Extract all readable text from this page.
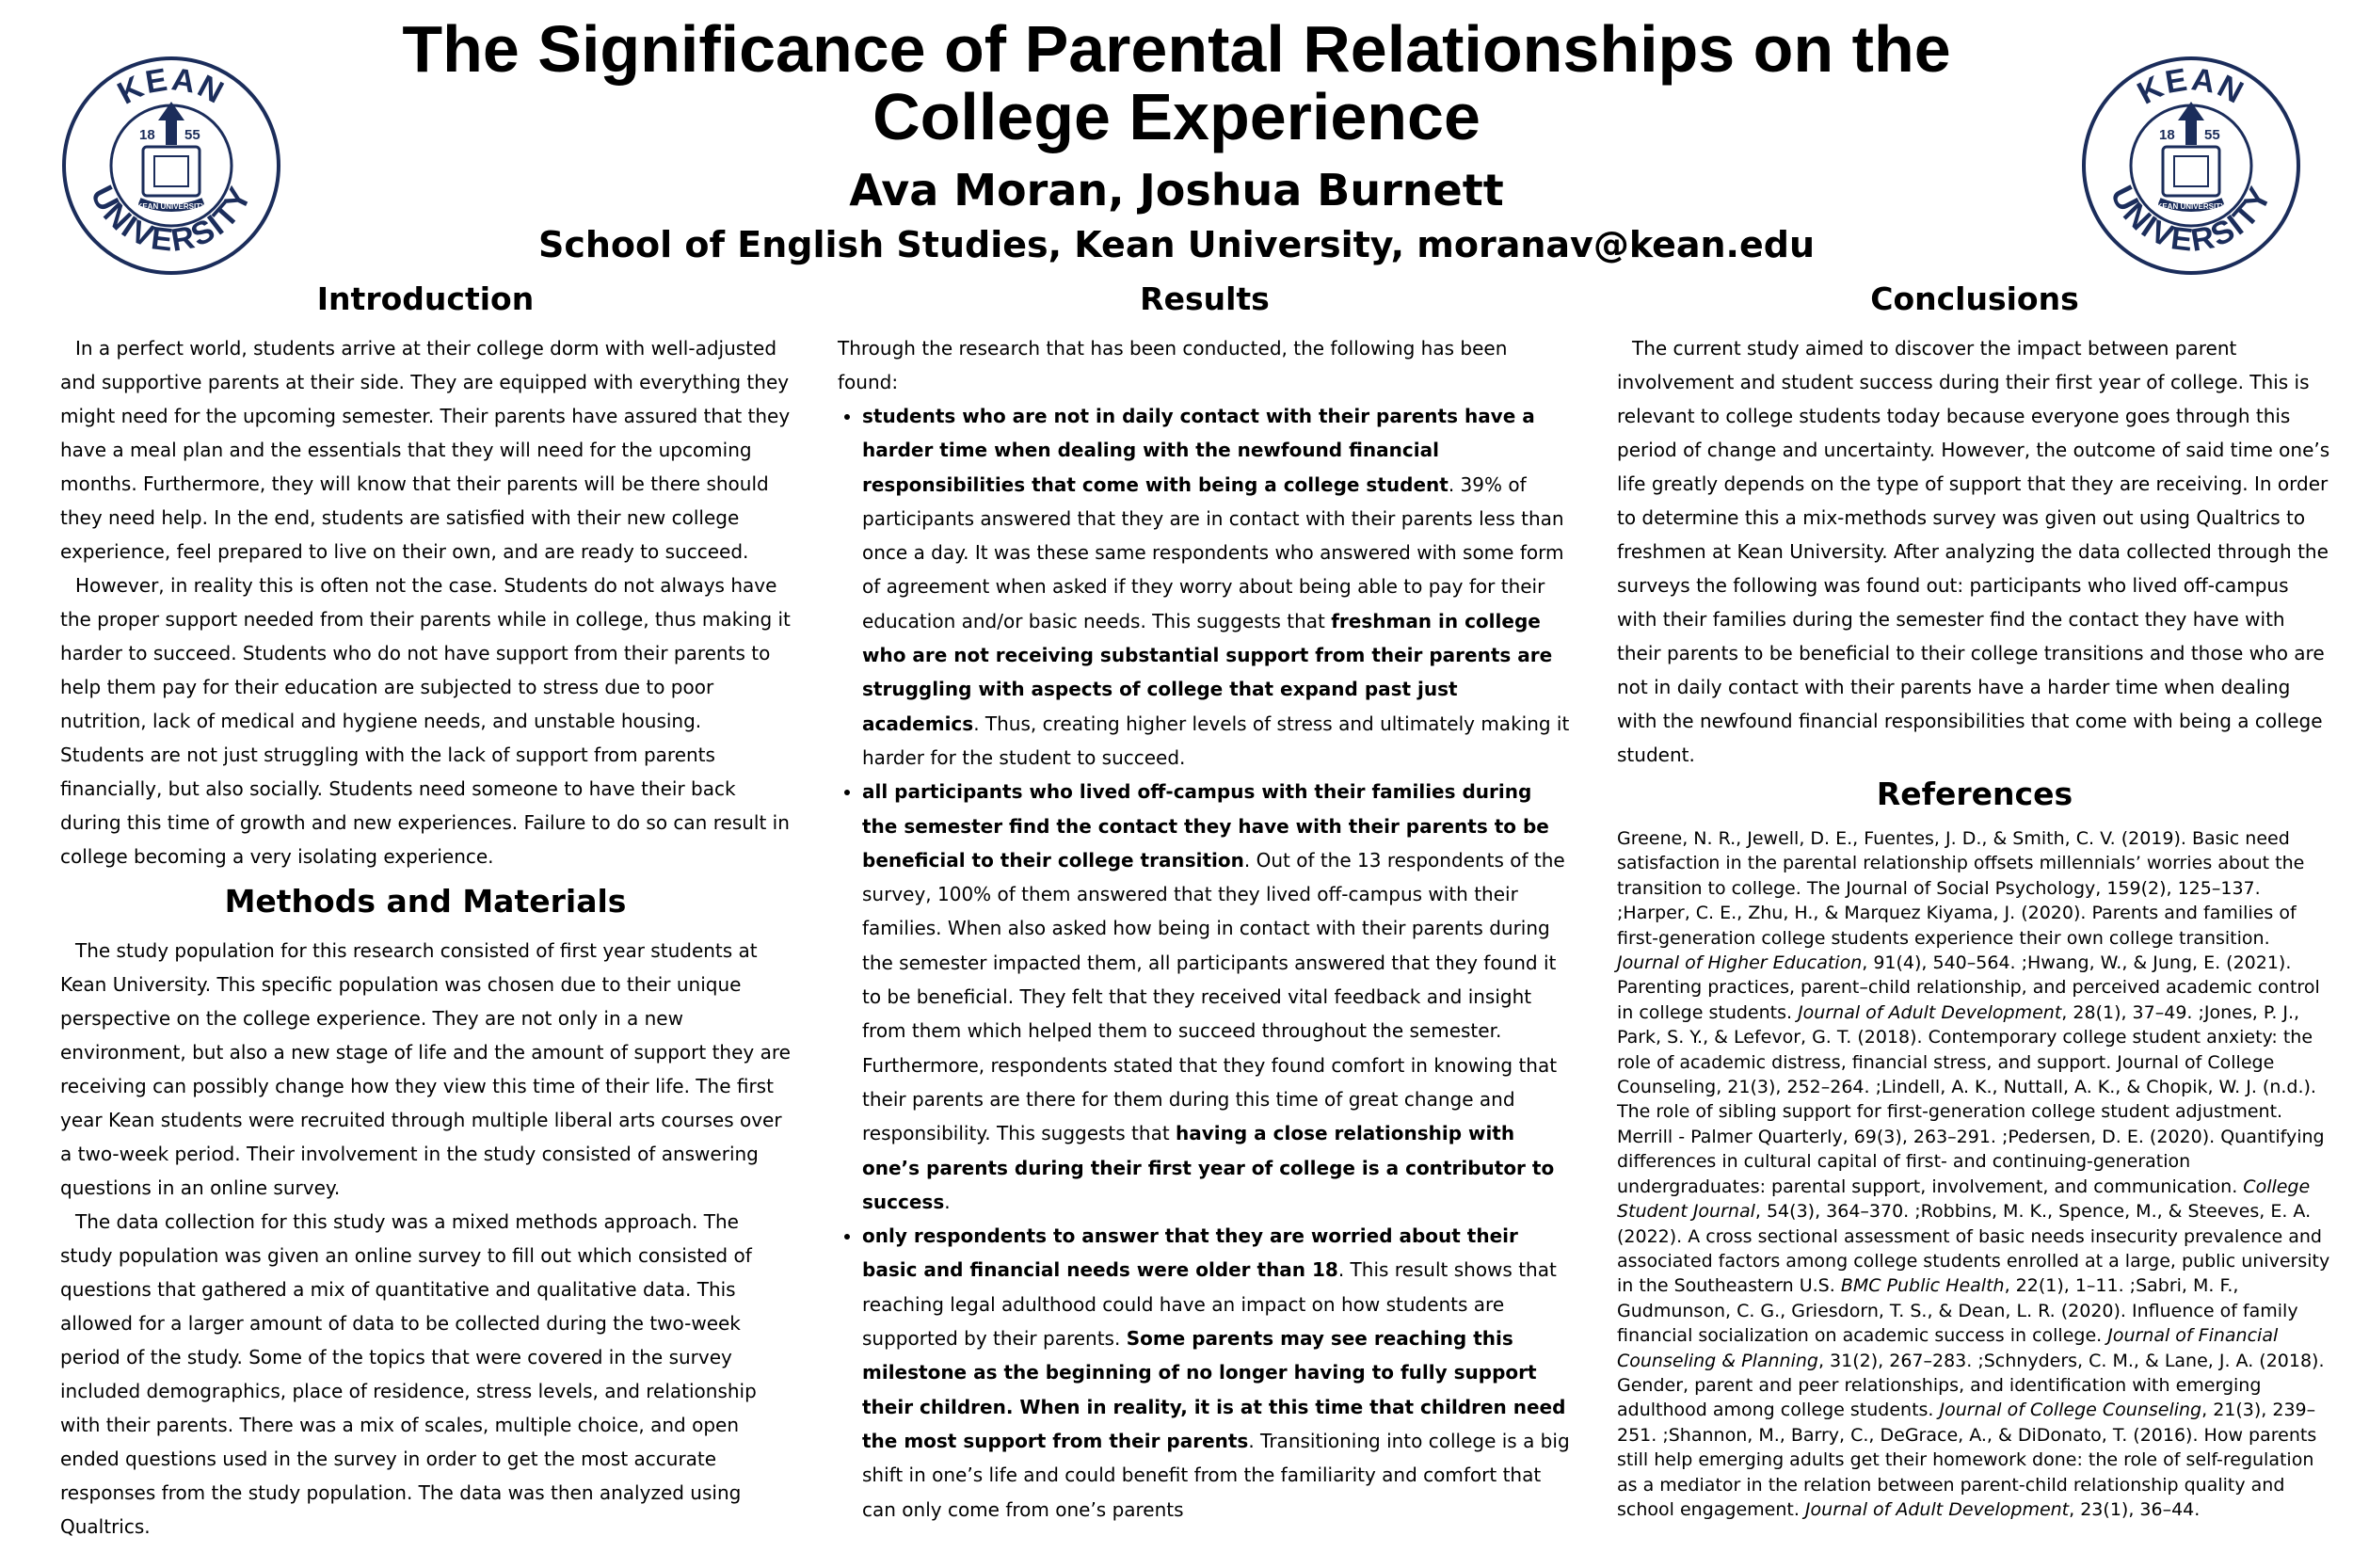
KEAN
UNIVERSITY
18 55
KEAN UNIVERSITY
KEAN
UNIVERSITY
18 55
KEAN UNIVERSITY
The Significance of Parental Relationships on the College Experience
Ava Moran, Joshua Burnett
School of English Studies, Kean University, moranav@kean.edu
Introduction

In a perfect world, students arrive at their college dorm with well-adjusted and supportive parents at their side. They are equipped with everything they might need for the upcoming semester. Their parents have assured that they have a meal plan and the essentials that they will need for the upcoming months. Furthermore, they will know that their parents will be there should they need help. In the end, students are satisfied with their new college experience, feel prepared to live on their own, and are ready to succeed.

However, in reality this is often not the case. Students do not always have the proper support needed from their parents while in college, thus making it harder to succeed. Students who do not have support from their parents to help them pay for their education are subjected to stress due to poor nutrition, lack of medical and hygiene needs, and unstable housing. Students are not just struggling with the lack of support from parents financially, but also socially. Students need someone to have their back during this time of growth and new experiences. Failure to do so can result in college becoming a very isolating experience.

Methods and Materials

The study population for this research consisted of first year students at Kean University. This specific population was chosen due to their unique perspective on the college experience. They are not only in a new environment, but also a new stage of life and the amount of support they are receiving can possibly change how they view this time of their life. The first year Kean students were recruited through multiple liberal arts courses over a two-week period. Their involvement in the study consisted of answering questions in an online survey.

The data collection for this study was a mixed methods approach. The study population was given an online survey to fill out which consisted of questions that gathered a mix of quantitative and qualitative data. This allowed for a larger amount of data to be collected during the two-week period of the study. Some of the topics that were covered in the survey included demographics, place of residence, stress levels, and relationship with their parents. There was a mix of scales, multiple choice, and open ended questions used in the survey in order to get the most accurate responses from the study population. The data was then analyzed using Qualtrics.

Results

Through the research that has been conducted, the following has been found:

• students who are not in daily contact with their parents have a harder time when dealing with the newfound financial responsibilities that come with being a college student. 39% of participants answered that they are in contact with their parents less than once a day. It was these same respondents who answered with some form of agreement when asked if they worry about being able to pay for their education and/or basic needs. This suggests that freshman in college who are not receiving substantial support from their parents are struggling with aspects of college that expand past just academics. Thus, creating higher levels of stress and ultimately making it harder for the student to succeed.
• all participants who lived off-campus with their families during the semester find the contact they have with their parents to be beneficial to their college transition. Out of the 13 respondents of the survey, 100% of them answered that they lived off-campus with their families. When also asked how being in contact with their parents during the semester impacted them, all participants answered that they found it to be beneficial. They felt that they received vital feedback and insight from them which helped them to succeed throughout the semester. Furthermore, respondents stated that they found comfort in knowing that their parents are there for them during this time of great change and responsibility. This suggests that having a close relationship with one’s parents during their first year of college is a contributor to success.
• only respondents to answer that they are worried about their basic and financial needs were older than 18. This result shows that reaching legal adulthood could have an impact on how students are supported by their parents. Some parents may see reaching this milestone as the beginning of no longer having to fully support their children. When in reality, it is at this time that children need the most support from their parents. Transitioning into college is a big shift in one’s life and could benefit from the familiarity and comfort that can only come from one’s parents
Conclusions

The current study aimed to discover the impact between parent involvement and student success during their first year of college. This is relevant to college students today because everyone goes through this period of change and uncertainty. However, the outcome of said time one’s life greatly depends on the type of support that they are receiving. In order to determine this a mix-methods survey was given out using Qualtrics to freshmen at Kean University. After analyzing the data collected through the surveys the following was found out: participants who lived off-campus with their families during the semester find the contact they have with their parents to be beneficial to their college transitions and those who are not in daily contact with their parents have a harder time when dealing with the newfound financial responsibilities that come with being a college student.

References

Greene, N. R., Jewell, D. E., Fuentes, J. D., & Smith, C. V. (2019). Basic need satisfaction in the parental relationship offsets millennials’ worries about the transition to college. The Journal of Social Psychology, 159(2), 125–137. ;Harper, C. E., Zhu, H., & Marquez Kiyama, J. (2020). Parents and families of first-generation college students experience their own college transition. Journal of Higher Education, 91(4), 540–564. ;Hwang, W., & Jung, E. (2021). Parenting practices, parent–child relationship, and perceived academic control in college students. Journal of Adult Development, 28(1), 37–49. ;Jones, P. J., Park, S. Y., & Lefevor, G. T. (2018). Contemporary college student anxiety: the role of academic distress, financial stress, and support. Journal of College Counseling, 21(3), 252–264. ;Lindell, A. K., Nuttall, A. K., & Chopik, W. J. (n.d.). The role of sibling support for first-generation college student adjustment. Merrill - Palmer Quarterly, 69(3), 263–291. ;Pedersen, D. E. (2020). Quantifying differences in cultural capital of first- and continuing-generation undergraduates: parental support, involvement, and communication. College Student Journal, 54(3), 364–370. ;Robbins, M. K., Spence, M., & Steeves, E. A. (2022). A cross sectional assessment of basic needs insecurity prevalence and associated factors among college students enrolled at a large, public university in the Southeastern U.S. BMC Public Health, 22(1), 1–11. ;Sabri, M. F., Gudmunson, C. G., Griesdorn, T. S., & Dean, L. R. (2020). Influence of family financial socialization on academic success in college. Journal of Financial Counseling & Planning, 31(2), 267–283. ;Schnyders, C. M., & Lane, J. A. (2018). Gender, parent and peer relationships, and identification with emerging adulthood among college students. Journal of College Counseling, 21(3), 239–251. ;Shannon, M., Barry, C., DeGrace, A., & DiDonato, T. (2016). How parents still help emerging adults get their homework done: the role of self-regulation as a mediator in the relation between parent-child relationship quality and school engagement. Journal of Adult Development, 23(1), 36–44.
